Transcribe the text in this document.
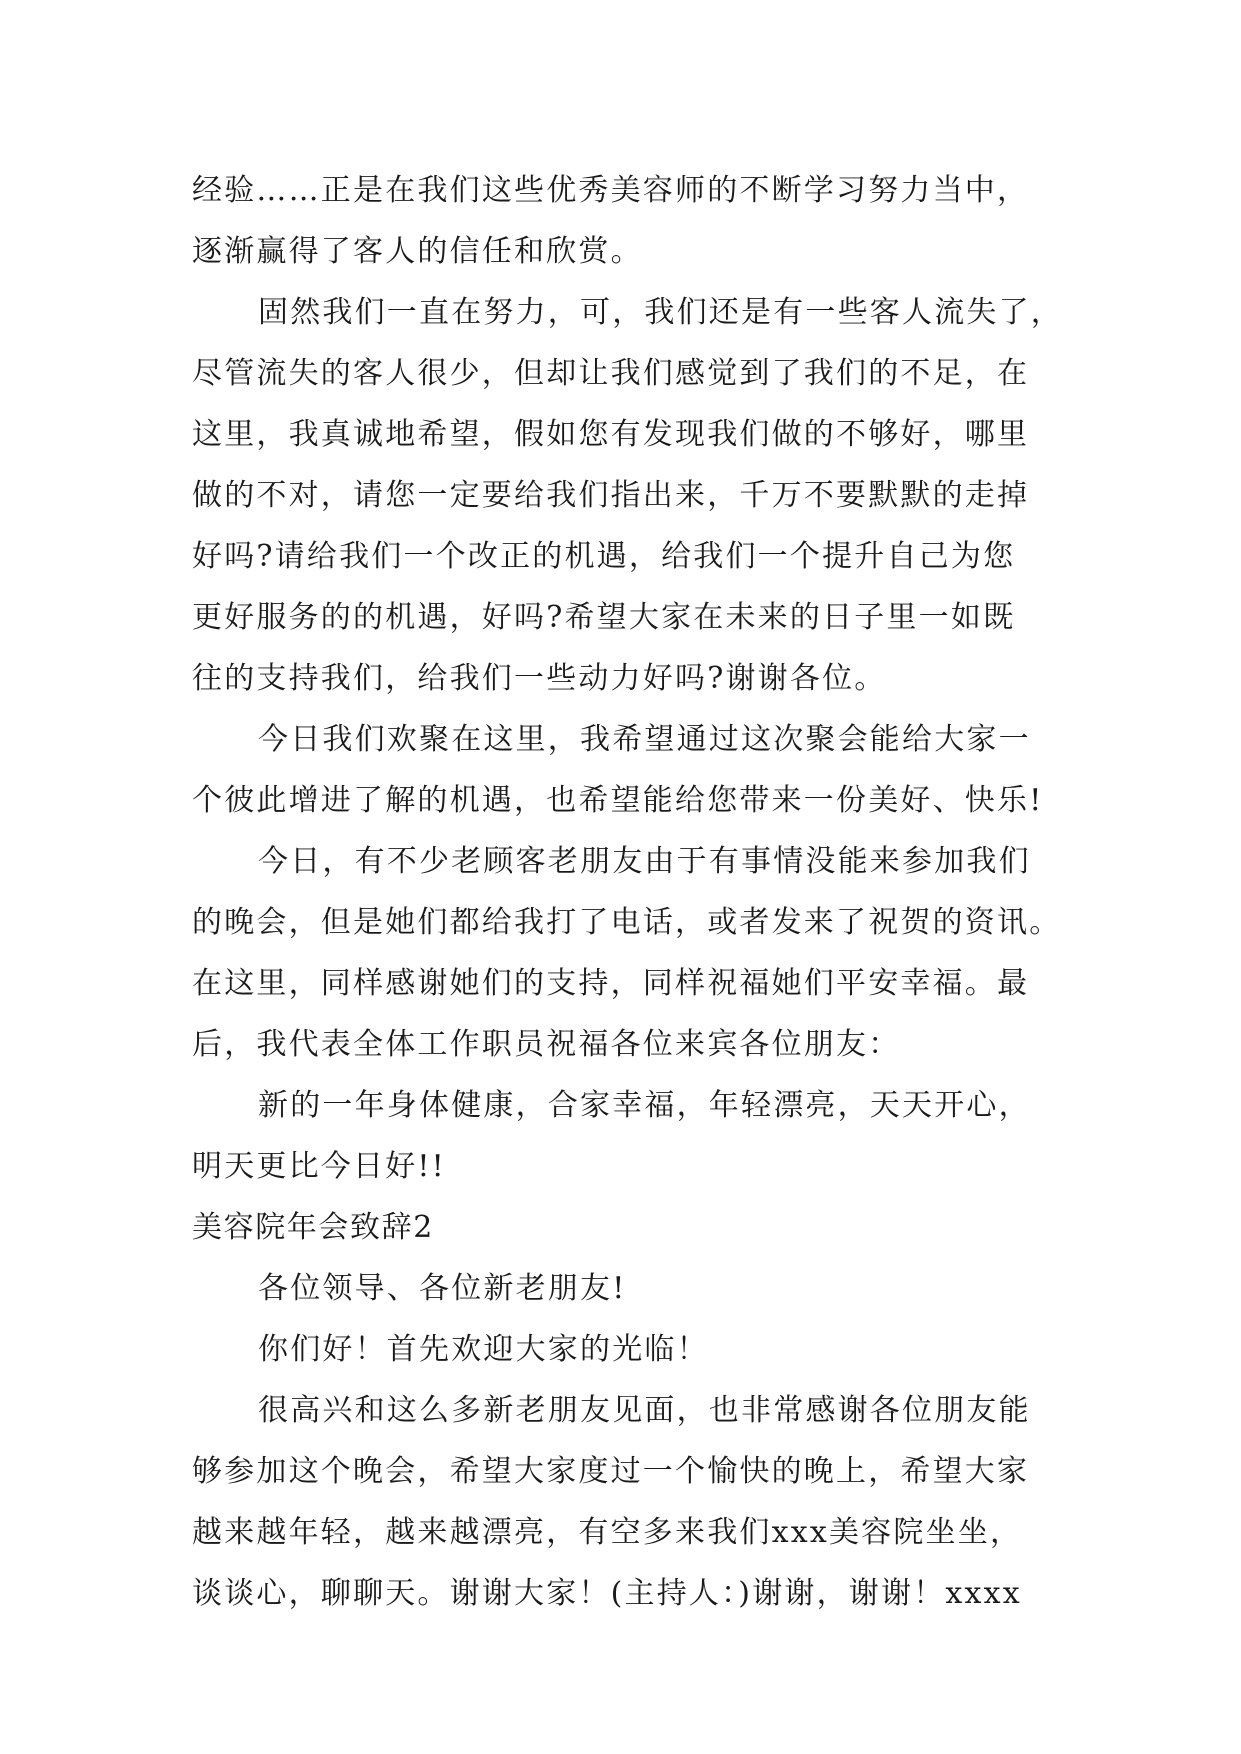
经验……正是在我们这些优秀美容师的不断学习努力当中，
逐渐赢得了客人的信任和欣赏。
固然我们一直在努力，可，我们还是有一些客人流失了，
尽管流失的客人很少，但却让我们感觉到了我们的不足，在
这里，我真诚地希望，假如您有发现我们做的不够好，哪里
做的不对，请您一定要给我们指出来，千万不要默默的走掉
好吗?请给我们一个改正的机遇，给我们一个提升自己为您
更好服务的的机遇，好吗?希望大家在未来的日子里一如既
往的支持我们，给我们一些动力好吗?谢谢各位。
今日我们欢聚在这里，我希望通过这次聚会能给大家一
个彼此增进了解的机遇，也希望能给您带来一份美好、快乐!
今日，有不少老顾客老朋友由于有事情没能来参加我们
的晚会，但是她们都给我打了电话，或者发来了祝贺的资讯。
在这里，同样感谢她们的支持，同样祝福她们平安幸福。最
后，我代表全体工作职员祝福各位来宾各位朋友：
新的一年身体健康，合家幸福，年轻漂亮，天天开心，
明天更比今日好!!
美容院年会致辞2
各位领导、各位新老朋友!
你们好！首先欢迎大家的光临！
很高兴和这么多新老朋友见面，也非常感谢各位朋友能
够参加这个晚会，希望大家度过一个愉快的晚上，希望大家
越来越年轻，越来越漂亮，有空多来我们xxx美容院坐坐，
谈谈心，聊聊天。谢谢大家！(主持人：)谢谢，谢谢！xxxx
